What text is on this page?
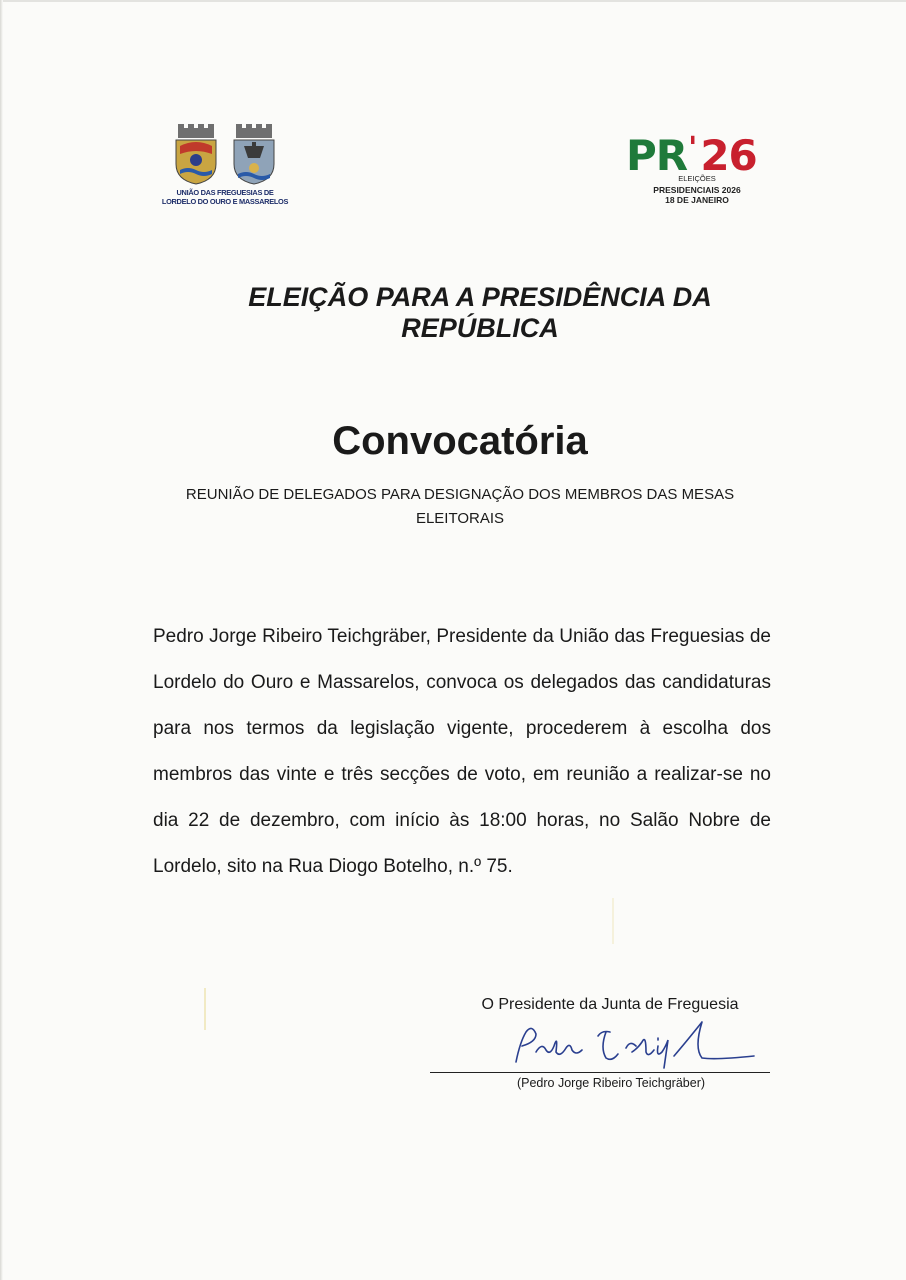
UNIÃO DAS FREGUESIAS DE
LORDELO DO OURO E MASSARELOS
PR'26
ELEIÇÕES
PRESIDENCIAIS 2026
18 DE JANEIRO
ELEIÇÃO PARA A PRESIDÊNCIA DA REPÚBLICA
Convocatória
REUNIÃO DE DELEGADOS PARA DESIGNAÇÃO DOS MEMBROS DAS MESAS ELEITORAIS
Pedro Jorge Ribeiro Teichgräber, Presidente da União das Freguesias de Lordelo do Ouro e Massarelos, convoca os delegados das candidaturas para nos termos da legislação vigente, procederem à escolha dos membros das vinte e três secções de voto, em reunião a realizar-se no dia 22 de dezembro, com início às 18:00 horas, no Salão Nobre de Lordelo, sito na Rua Diogo Botelho, n.º 75.
O Presidente da Junta de Freguesia
(Pedro Jorge Ribeiro Teichgräber)
